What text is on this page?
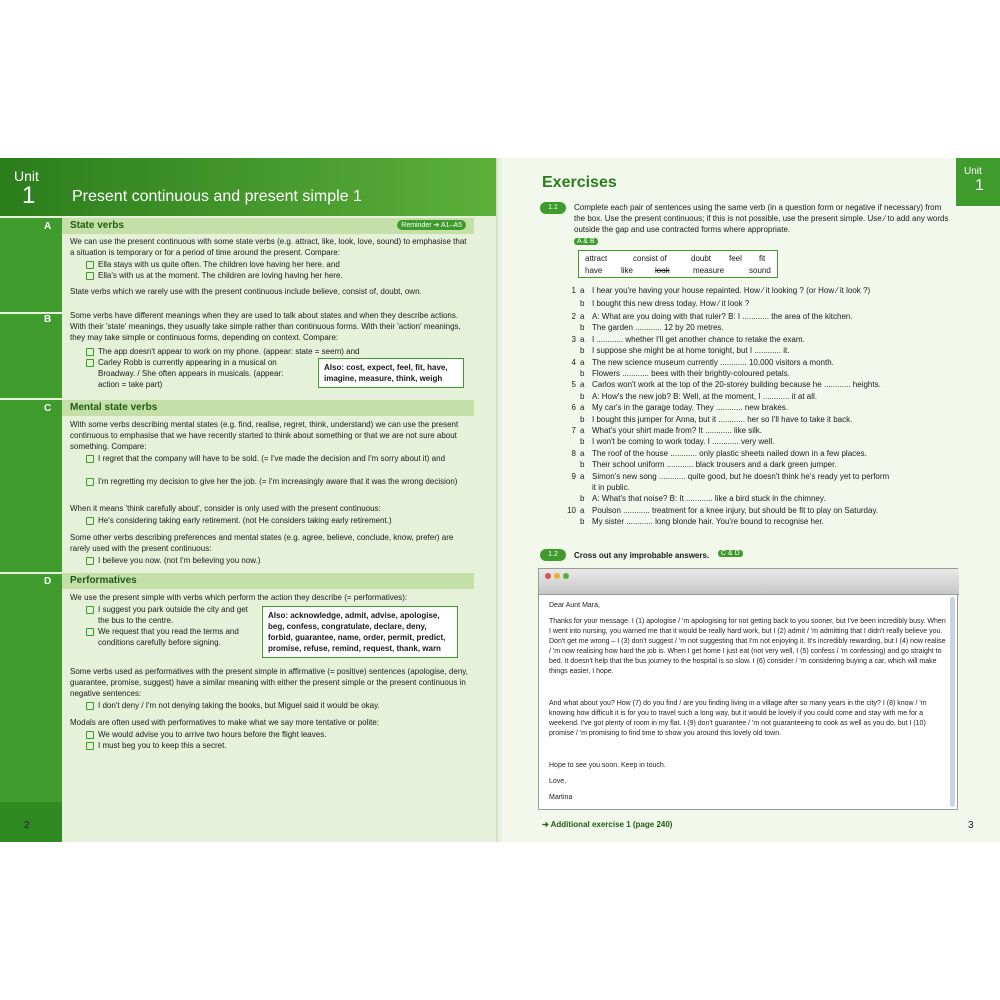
Unit
1 Present continuous and present simple 1
A State verbs	Reminder ➔ A1–A5
We can use the present continuous with some state verbs (e.g. attract, like, look, love, sound) to emphasise that a situation is temporary or for a period of time around the present. Compare:
Ella stays with us quite often. The children love having her here. and
Ella's with us at the moment. The children are loving having her here.
State verbs which we rarely use with the present continuous include believe, consist of, doubt, own.
B Some verbs have different meanings when they are used to talk about states and when they describe actions. With their 'state' meanings, they usually take simple rather than continuous forms. With their 'action' meanings, they may take simple or continuous forms, depending on context. Compare:
The app doesn't appear to work on my phone. (appear: state = seem) and
Carley Robb is currently appearing in a musical on Broadway. / She often appears in musicals. (appear: action = take part)
Also: cost, expect, feel, fit, have, imagine, measure, think, weigh
C Mental state verbs
With some verbs describing mental states (e.g. find, realise, regret, think, understand) we can use the present continuous to emphasise that we have recently started to think about something or that we are not sure about something. Compare:
I regret that the company will have to be sold. (= I've made the decision and I'm sorry about it) and
I'm regretting my decision to give her the job. (= I'm increasingly aware that it was the wrong decision)
When it means 'think carefully about', consider is only used with the present continuous:
He's considering taking early retirement. (not He considers taking early retirement.)
Some other verbs describing preferences and mental states (e.g. agree, believe, conclude, know, prefer) are rarely used with the present continuous:
I believe you now. (not I'm believing you now.)
D Performatives
We use the present simple with verbs which perform the action they describe (= performatives):
I suggest you park outside the city and get the bus to the centre.
We request that you read the terms and conditions carefully before signing.
Also: acknowledge, admit, advise, apologise, beg, confess, congratulate, declare, deny, forbid, guarantee, name, order, permit, predict, promise, refuse, remind, request, thank, warn
Some verbs used as performatives with the present simple in affirmative (= positive) sentences (apologise, deny, guarantee, promise, suggest) have a similar meaning with either the present simple or the present continuous in negative sentences:
I don't deny / I'm not denying taking the books, but Miguel said it would be okay.
Modals are often used with performatives to make what we say more tentative or polite:
We would advise you to arrive two hours before the flight leaves.
I must beg you to keep this a secret.
2
Exercises
Unit
1
1.1	Complete each pair of sentences using the same verb (in a question form or negative if necessary) from the box. Use the present continuous; if this is not possible, use the present simple. Use ⁄ to add any words outside the gap and use contracted forms where appropriate.
A & B
attract	consist of	doubt feel fit
have like	look	measure	sound
1 a I hear you're having your house repainted. How ⁄ it looking ? (or How ⁄ it look ?)
b I bought this new dress today. How ⁄ it look ?
2 a A: What are you doing with that ruler? B: I ............ the area of the kitchen.
b The garden ............ 12 by 20 metres.
3 a I ............ whether I'll get another chance to retake the exam.
b I suppose she might be at home tonight, but I ............ it.
4 a The new science museum currently ............ 10,000 visitors a month.
b Flowers ............ bees with their brightly-coloured petals.
5 a Carlos won't work at the top of the 20-storey building because he ............ heights.
b A: How's the new job? B: Well, at the moment, I ............ it at all.
6 a My car's in the garage today. They ............ new brakes.
b I bought this jumper for Anna, but it ............ her so I'll have to take it back.
7 a What's your shirt made from? It ............ like silk.
b I won't be coming to work today. I ............ very well.
8 a The roof of the house ............ only plastic sheets nailed down in a few places.
b Their school uniform ............ black trousers and a dark green jumper.
9 a Simon's new song ............ quite good, but he doesn't think he's ready yet to perform
it in public.
b A: What's that noise? B: It ............ like a bird stuck in the chimney.
10 a Poulson ............ treatment for a knee injury, but should be fit to play on Saturday.
b My sister ............ long blonde hair. You're bound to recognise her.
1.2	Cross out any improbable answers.	C & D
Dear Aunt Mara,
Thanks for your message. I (1) apologise / 'm apologising for not getting back to you sooner, but I've been incredibly busy. When I went into nursing, you warned me that it would be really hard work, but I (2) admit / 'm admitting that I didn't really believe you. Don't get me wrong – I (3) don't suggest / 'm not suggesting that I'm not enjoying it. It's incredibly rewarding, but I (4) now realise / 'm now realising how hard the job is. When I get home I just eat (not very well, I (5) confess / 'm confessing) and go straight to bed. It doesn't help that the bus journey to the hospital is so slow. I (6) consider / 'm considering buying a car, which will make things easier, I hope.
And what about you? How (7) do you find / are you finding living in a village after so many years in the city? I (8) know / 'm knowing how difficult it is for you to travel such a long way, but it would be lovely if you could come and stay with me for a weekend. I've got plenty of room in my flat. I (9) don't guarantee / 'm not guaranteeing to cook as well as you do, but I (10) promise / 'm promising to find time to show you around this lovely old town.
Hope to see you soon. Keep in touch.
Love,
Martina
➔ Additional exercise 1 (page 240)	3
